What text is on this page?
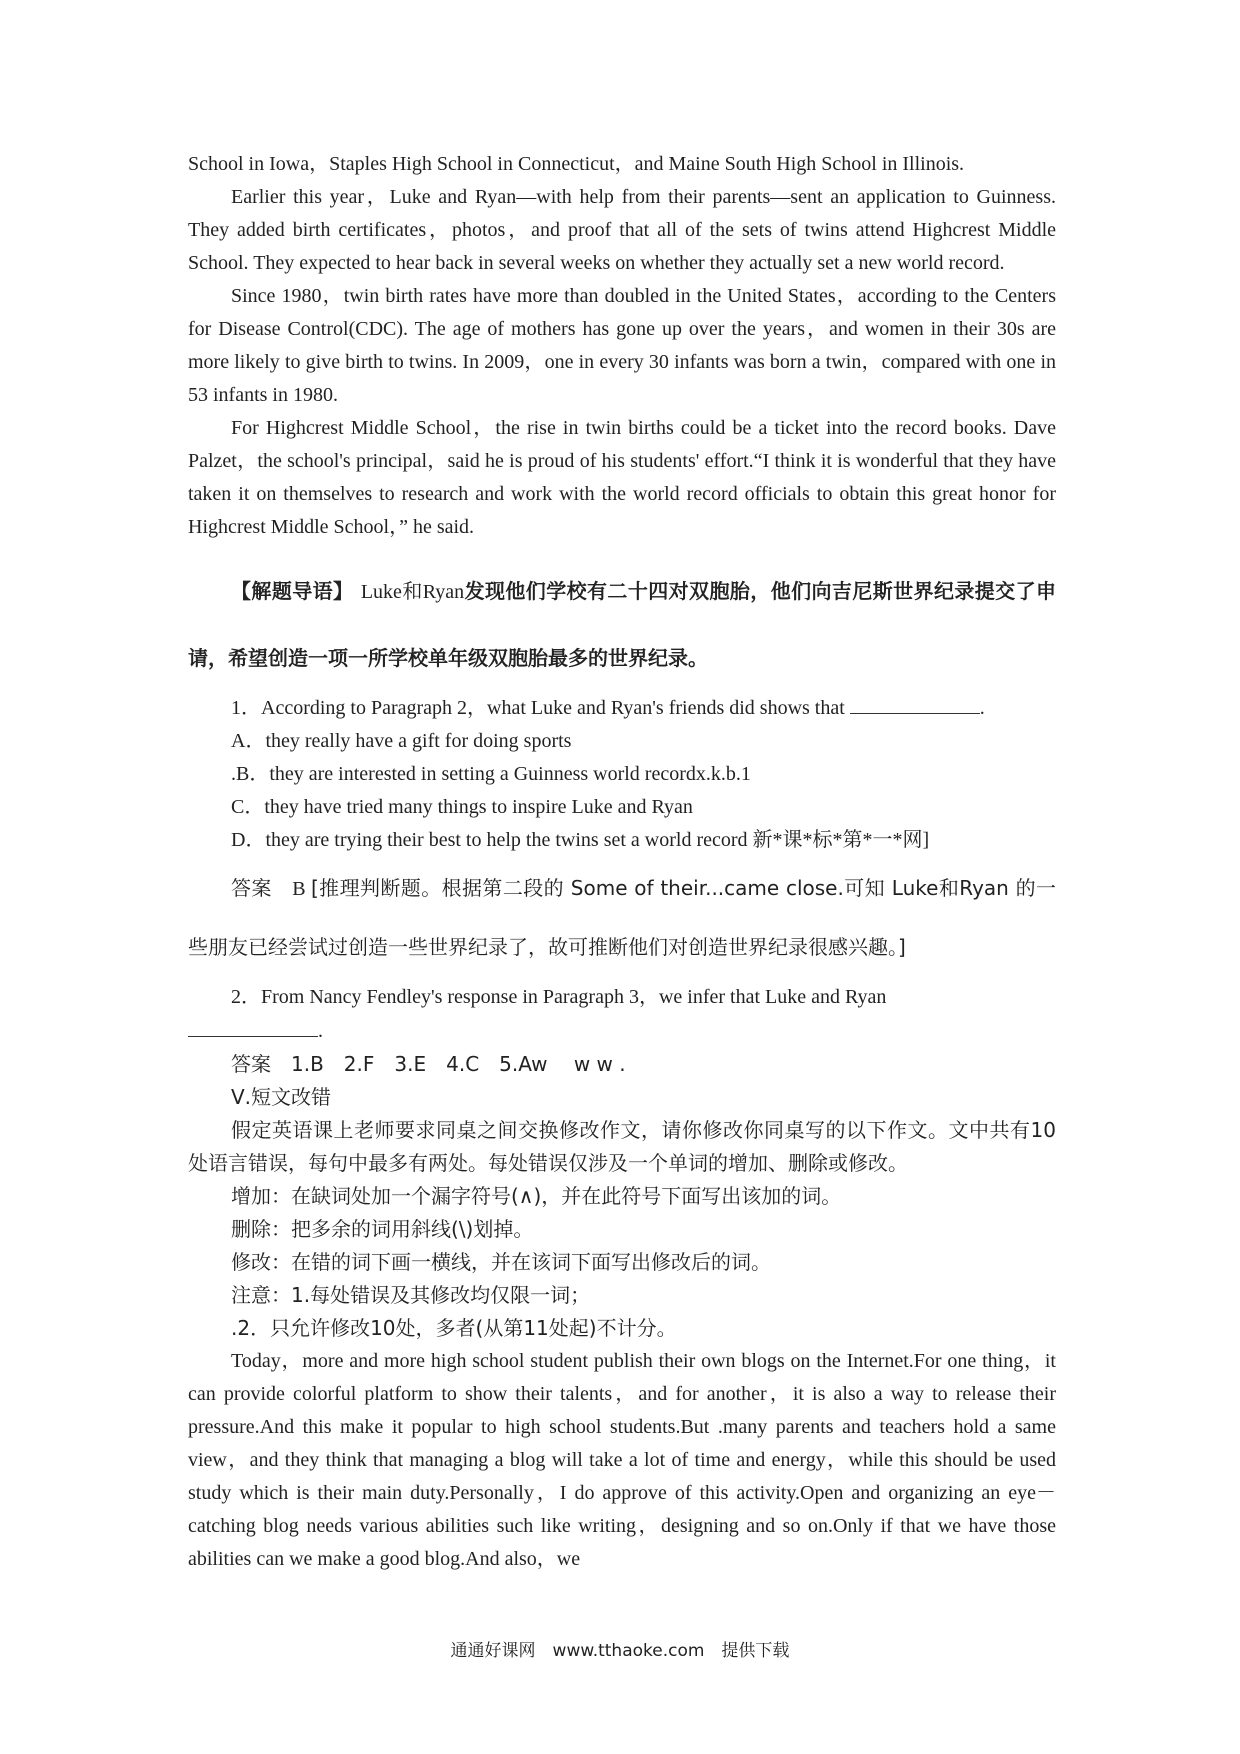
School in Iowa，Staples High School in Connecticut，and Maine South High School in Illinois.

Earlier this year，Luke and Ryan—with help from their parents—sent an application to Guinness. They added birth certificates，photos，and proof that all of the sets of twins attend Highcrest Middle School. They expected to hear back in several weeks on whether they actually set a new world record.

Since 1980，twin birth rates have more than doubled in the United States，according to the Centers for Disease Control(CDC). The age of mothers has gone up over the years，and women in their 30s are more likely to give birth to twins. In 2009，one in every 30 infants was born a twin，compared with one in 53 infants in 1980.

For Highcrest Middle School，the rise in twin births could be a ticket into the record books. Dave Palzet，the school's principal，said he is proud of his students' effort.“I think it is wonderful that they have taken it on themselves to research and work with the world record officials to obtain this great honor for Highcrest Middle School，” he said.

【解题导语】 Luke和Ryan发现他们学校有二十四对双胞胎，他们向吉尼斯世界纪录提交了申请，希望创造一项一所学校单年级双胞胎最多的世界纪录。

1．According to Paragraph 2，what Luke and Ryan's friends did shows that	.

A．they really have a gift for doing sports

.B．they are interested in setting a Guinness world recordx.k.b.1

C．they have tried many things to inspire Luke and Ryan

D．they are trying their best to help the twins set a world record 新*课*标*第*一*网]

答案　B [推理判断题。根据第二段的 Some of their...came close.可知 Luke和Ryan 的一些朋友已经尝试过创造一些世界纪录了，故可推断他们对创造世界纪录很感兴趣。]

2．From Nancy Fendley's response in Paragraph 3，we infer that Luke and Ryan

.

答案　1.B　2.F　3.E　4.C　5.Aw　 w w .

Ⅴ.短文改错

假定英语课上老师要求同桌之间交换修改作文，请你修改你同桌写的以下作文。文中共有10处语言错误，每句中最多有两处。每处错误仅涉及一个单词的增加、删除或修改。

增加：在缺词处加一个漏字符号(∧)，并在此符号下面写出该加的词。

删除：把多余的词用斜线(\)划掉。

修改：在错的词下画一横线，并在该词下面写出修改后的词。

注意：1.每处错误及其修改均仅限一词；

.2．只允许修改10处，多者(从第11处起)不计分。

Today，more and more high school student publish their own blogs on the Internet.For one thing，it can provide colorful platform to show their talents，and for another，it is also a way to release their pressure.And this make it popular to high school students.But .many parents and teachers hold a same view，and they think that managing a blog will take a lot of time and energy，while this should be used study which is their main duty.Personally，I do approve of this activity.Open and organizing an eye－catching blog needs various abilities such like writing，designing and so on.Only if that we have those abilities can we make a good blog.And also，we

通通好课网　www.tthaoke.com　提供下载
